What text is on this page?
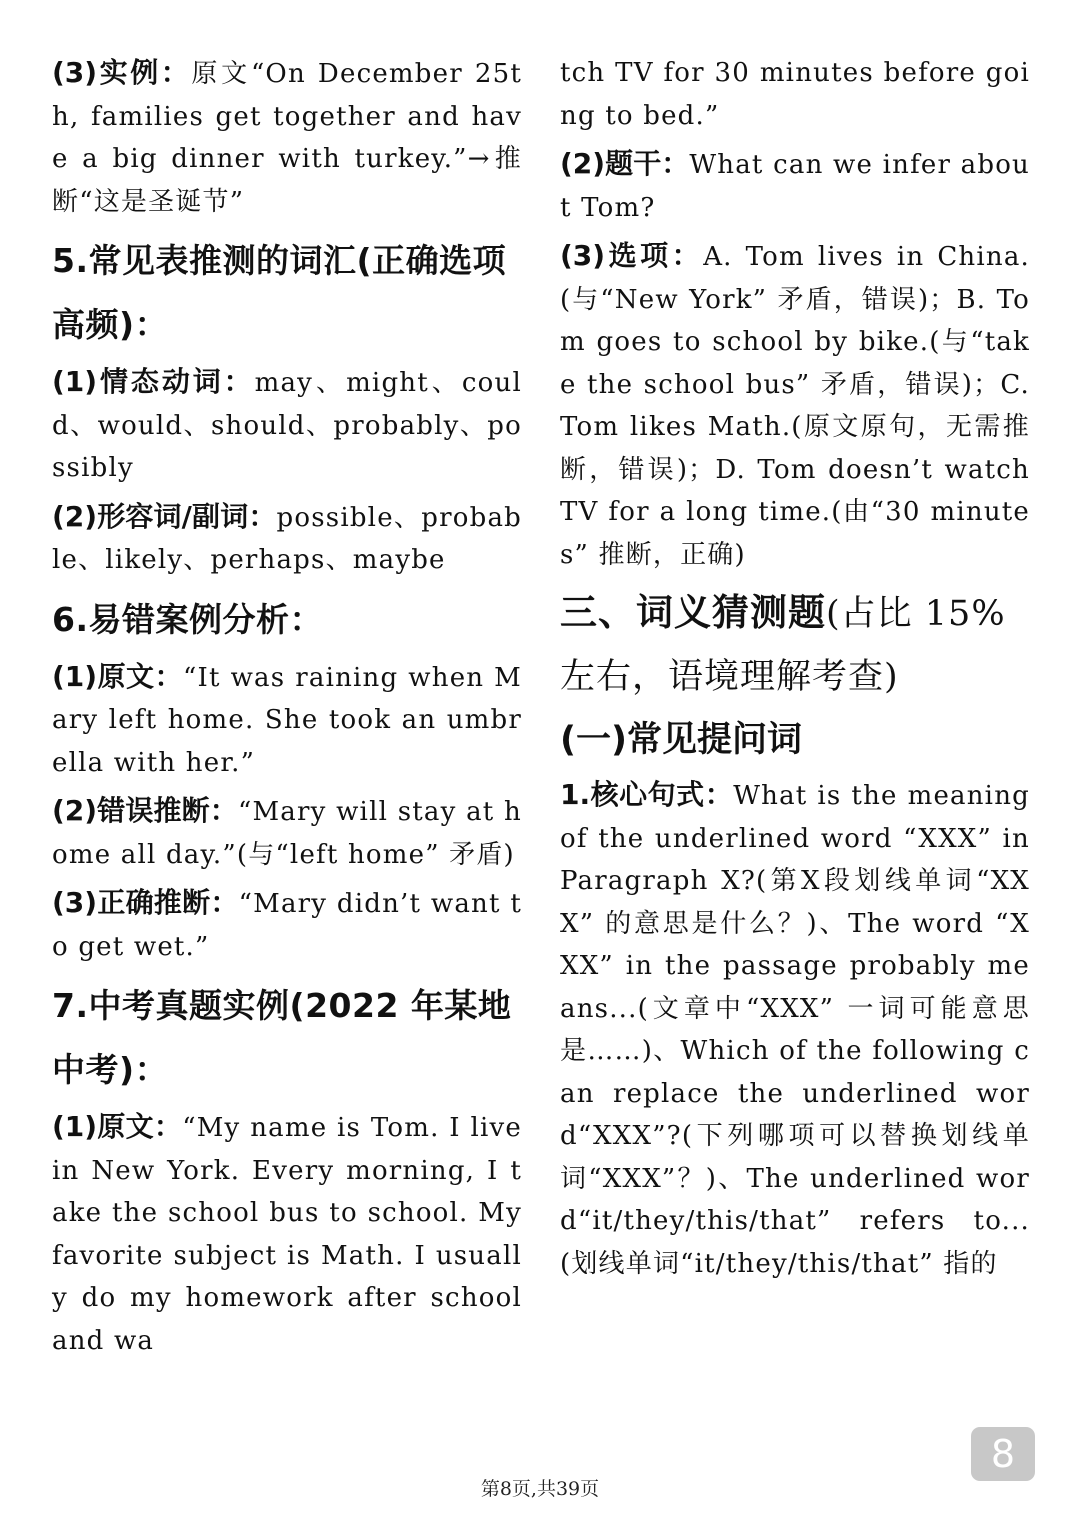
(3)实例：原文“On December 25th, families get together and have a big dinner with turkey.”→推断“这是圣诞节”

5.常见表推测的词汇(正确选项高频)：

(1)情态动词：may、might、could、would、should、probably、possibly

(2)形容词/副词：possible、probable、likely、perhaps、maybe

6.易错案例分析：

(1)原文：“It was raining when Mary left home. She took an umbrella with her.”

(2)错误推断：“Mary will stay at home all day.”(与“left home” 矛盾)

(3)正确推断：“Mary didn’t want to get wet.”

7.中考真题实例(2022 年某地中考)：

(1)原文：“My name is Tom. I live in New York. Every morning, I take the school bus to school. My favorite subject is Math. I usually do my homework after school and wa

tch TV for 30 minutes before going to bed.”

(2)题干：What can we infer about Tom?

(3)选项：A. Tom lives in China.(与“New York” 矛盾，错误)；B. Tom goes to school by bike.(与“take the school bus” 矛盾，错误)；C. Tom likes Math.(原文原句，无需推断，错误)；D. Tom doesn’t watch TV for a long time.(由“30 minutes” 推断，正确)

三、词义猜测题(占比 15% 左右，语境理解考查)
(一)常见提问词

1.核心句式：What is the meaning of the underlined word “XXX” in Paragraph X?(第X段划线单词“XXX” 的意思是什么？)、The word “XXX” in the passage probably means...(文章中“XXX” 一词可能意思是……)、Which of the following can replace the underlined word“XXX”?(下列哪项可以替换划线单词“XXX”？)、The underlined word“it/they/this/that” refers to...(划线单词“it/they/this/that” 指的

8
第8页,共39页
